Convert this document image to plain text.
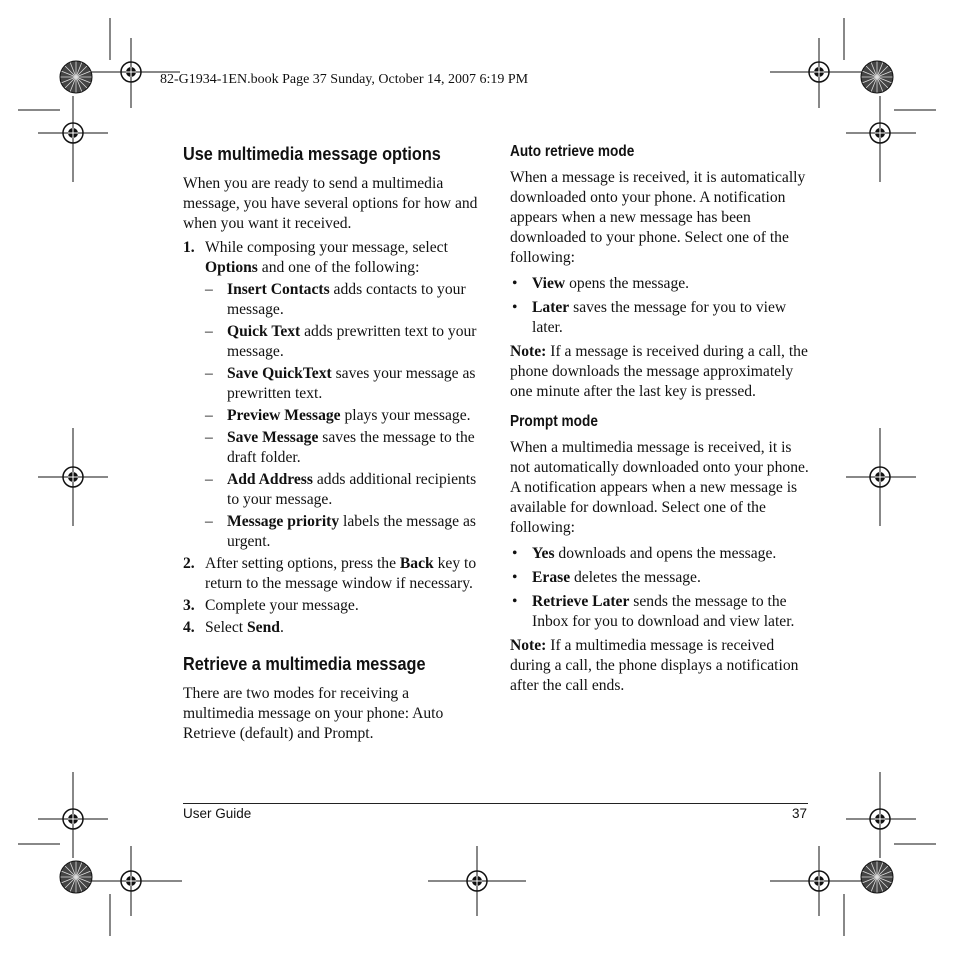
82-G1934-1EN.book Page 37 Sunday, October 14, 2007 6:19 PM
Use multimedia message options

When you are ready to send a multimedia message, you have several options for how and when you want it received.

1. While composing your message, select Options and one of the following:
– Insert Contacts adds contacts to your message.
– Quick Text adds prewritten text to your message.
– Save QuickText saves your message as prewritten text.
– Preview Message plays your message.
– Save Message saves the message to the draft folder.
– Add Address adds additional recipients to your message.
– Message priority labels the message as urgent.
2. After setting options, press the Back key to return to the message window if necessary.
3. Complete your message.
4. Select Send.
Retrieve a multimedia message

There are two modes for receiving a multimedia message on your phone: Auto Retrieve (default) and Prompt.

Auto retrieve mode

When a message is received, it is automatically downloaded onto your phone. A notification appears when a new message has been downloaded to your phone. Select one of the following:

• View opens the message.
• Later saves the message for you to view later.

Note: If a message is received during a call, the phone downloads the message approximately one minute after the last key is pressed.

Prompt mode

When a multimedia message is received, it is not automatically downloaded onto your phone. A notification appears when a new message is available for download. Select one of the following:

• Yes downloads and opens the message.
• Erase deletes the message.
• Retrieve Later sends the message to the Inbox for you to download and view later.

Note: If a multimedia message is received during a call, the phone displays a notification after the call ends.

User Guide	37
